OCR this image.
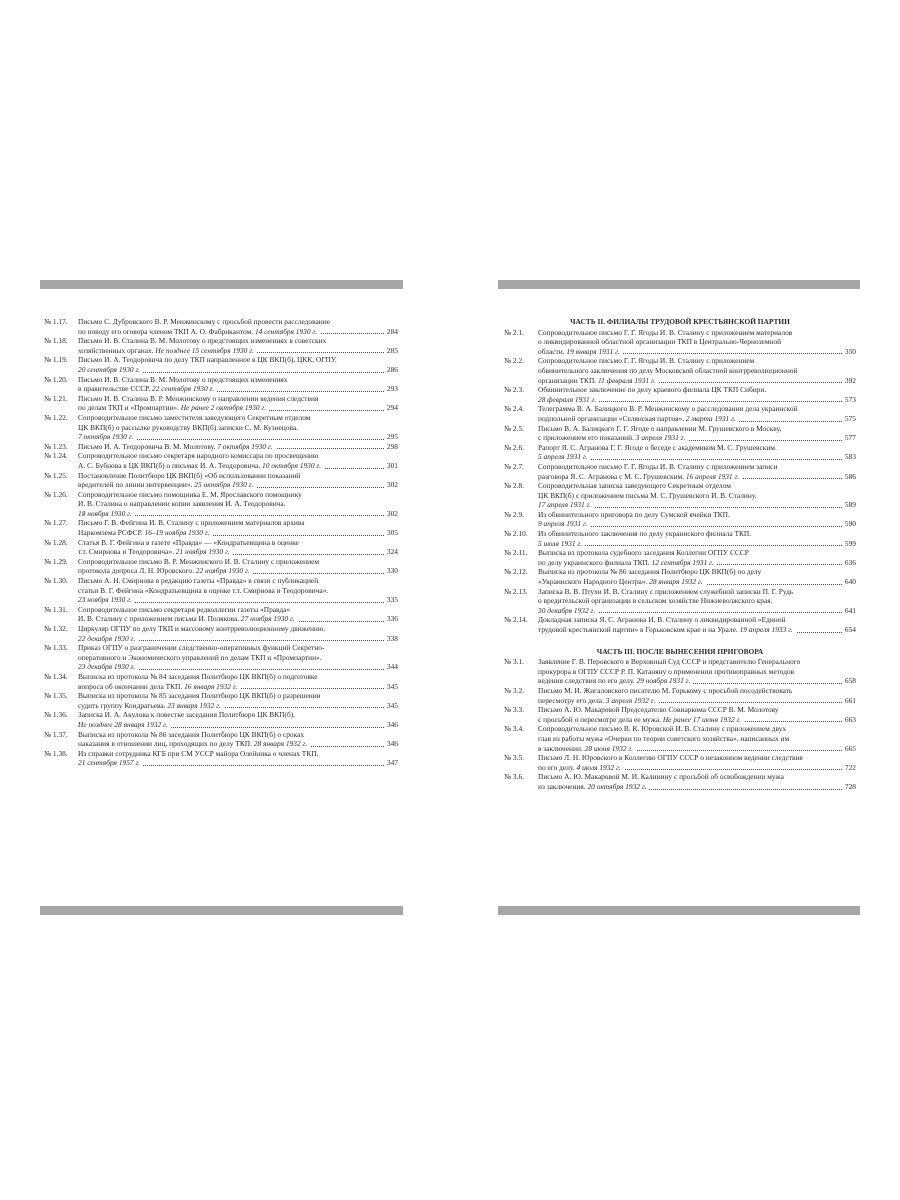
№ 1.17.	Письмо С. Дубровского В. Р. Менжинскому с просьбой провести расследование
по поводу его оговора членом ТКП А. О. Фабрикантом. 14 сентября 1930 г.	284
№ 1.18.	Письмо И. В. Сталина В. М. Молотову о предстоящих изменениях в советских
хозяйственных органах. Не позднее 15 сентября 1930 г.	285
№ 1.19.	Письмо И. А. Теодоровича по делу ТКП направленное в ЦК ВКП(б), ЦКК, ОГПУ.
20 сентября 1930 г.	286
№ 1.20.	Письмо И. В. Сталина В. М. Молотову о предстоящих изменениях
в правительстве СССР. 22 сентября 1930 г.	293
№ 1.21.	Письмо И. В. Сталина В. Р. Менжинскому о направлении ведения следствия
по делам ТКП и «Промпартии». Не ранее 2 октября 1930 г.	294
№ 1.22.	Сопроводительное письмо заместителя заведующего Секретным отделом
ЦК ВКП(б) о рассылке руководству ВКП(б) записки С. М. Кузнецова.
7 октября 1930 г.	295
№ 1.23.	Письмо И. А. Теодоровича В. М. Молотову. 7 октября 1930 г.	298
№ 1.24.	Сопроводительное письмо секретаря народного комиссара по просвещению
А. С. Бубнова в ЦК ВКП(б) о письмах И. А. Теодоровича. 10 октября 1930 г.	301
№ 1.25.	Постановление Политбюро ЦК ВКП(б) «Об использовании показаний
вредителей по линии интервенции». 25 октября 1930 г.	302
№ 1.26.	Сопроводительное письмо помощника Е. М. Ярославского помощнику
И. В. Сталина о направлении копии заявления И. А. Теодоровича.
18 ноября 1930 г.	302
№ 1.27.	Письмо Г. В. Фейгина И. В. Сталину с приложением материалов архива
Наркомзема РСФСР. 16–19 ноября 1930 г.	305
№ 1.28.	Статья В. Г. Фейгина в газете «Правда» — «Кондратьевщина в оценке
т.т. Смирнова и Теодоровича». 21 ноября 1930 г.	324
№ 1.29.	Сопроводительное письмо В. Р. Менжинского И. В. Сталину с приложением
протокола допроса Л. Н. Юровского. 22 ноября 1930 г.	330
№ 1.30.	Письмо А. Н. Смирнова в редакцию газеты «Правда» в связи с публикацией
статьи В. Г. Фейгина «Кондратьевщина в оценке т.т. Смирнова и Теодоровича».
23 ноября 1930 г.	335
№ 1.31.	Сопроводительное письмо секретаря редколлегии газеты «Правда»
И. В. Сталину с приложением письма И. Полякова. 27 ноября 1930 г.	336
№ 1.32.	Циркуляр ОГПУ по делу ТКП и массовому контрреволюционному движению.
22 декабря 1930 г.	338
№ 1.33.	Приказ ОГПУ о разграничении следственно-оперативных функций Секретно-
оперативного и Экономического управлений по делам ТКП и «Промпартии».
23 декабря 1930 г.	344
№ 1.34.	Выписка из протокола № 84 заседания Политбюро ЦК ВКП(б) о подготовке
вопроса об окончании дела ТКП. 16 января 1932 г.	345
№ 1.35.	Выписка из протокола № 85 заседания Политбюро ЦК ВКП(б) о разрешении
судить группу Кондратьева. 23 января 1932 г.	345
№ 1.36.	Записка И. А. Акулова к повестке заседания Политбюро ЦК ВКП(б).
Не позднее 28 января 1932 г.	346
№ 1.37.	Выписка из протокола № 86 заседания Политбюро ЦК ВКП(б) о сроках
наказания в отношении лиц, проходящих по делу ТКП. 28 января 1932 г.	346
№ 1.38.	Из справки сотрудника КГБ при СМ УССР майора Олейника о членах ТКП.
21 сентября 1957 г.	347
ЧАСТЬ II. ФИЛИАЛЫ ТРУДОВОЙ КРЕСТЬЯНСКОЙ ПАРТИИ
№ 2.1.	Сопроводительное письмо Г. Г. Ягоды И. В. Сталину с приложением материалов
о ликвидированной областной организации ТКП в Центрально-Черноземной
области. 19 января 1931 г.	350
№ 2.2.	Сопроводительное письмо Г. Г. Ягоды И. В. Сталину с приложением
обвинительного заключения по делу Московской областной контрреволюционной
организации ТКП. 11 февраля 1931 г.	392
№ 2.3.	Обвинительное заключение по делу краевого филиала ЦК ТКП Сибири.
28 февраля 1931 г.	573
№ 2.4.	Телеграмма В. А. Балицкого В. Р. Менжинскому о расследовании дела украинской
подпольной организации «Селянская партия». 2 марта 1931 г.	575
№ 2.5.	Письмо В. А. Балицкого Г. Г. Ягоде о направлении М. Грушевского в Москву,
с приложением его показаний. 3 апреля 1931 г.	577
№ 2.6.	Рапорт Я. С. Агранова Г. Г. Ягоде о беседе с академиком М. С. Грушевским.
5 апреля 1931 г.	583
№ 2.7.	Сопроводительное письмо Г. Г. Ягоды И. В. Сталину с приложением записи
разговора Я. С. Агранова с М. С. Грушевским. 16 апреля 1931 г.	586
№ 2.8.	Сопроводительная записка заведующего Секретным отделом
ЦК ВКП(б) с приложением письма М. С. Грушевского И. В. Сталину.
17 апреля 1931 г.	589
№ 2.9.	Из обвинительного приговора по делу Сумской ячейки ТКП.
9 апреля 1931 г.	590
№ 2.10.	Из обвинительного заключения по делу украинского филиала ТКП.
5 июля 1931 г.	599
№ 2.11.	Выписка из протокола судебного заседания Коллегии ОГПУ СССР
по делу украинского филиала ТКП. 12 сентября 1931 г.	636
№ 2.12.	Выписка из протокола № 86 заседания Политбюро ЦК ВКП(б) по делу
«Украинского Народного Центра». 28 января 1932 г.	640
№ 2.13.	Записка В. В. Птухи И. В. Сталину с приложением служебной записки П. Г. Рудь
о вредительской организации в сельском хозяйстве Нижневолжского края.
30 декабря 1932 г.	641
№ 2.14.	Докладная записка Я. С. Агранова И. В. Сталину о ликвидированной «Единой
трудовой крестьянской партии» в Горьковском крае и на Урале. 19 апреля 1933 г.	654
ЧАСТЬ III. ПОСЛЕ ВЫНЕСЕНИЯ ПРИГОВОРА
№ 3.1.	Заявление Г. В. Перовского в Верховный Суд СССР и представителю Генерального
прокурора в ОГПУ СССР Р. П. Катаняну о применении противоправных методов
ведения следствия по его делу. 29 ноября 1931 г.	658
№ 3.2.	Письмо М. И. Жигаловского писателю М. Горькому с просьбой посодействовать
пересмотру его дела. 3 апреля 1932 г.	661
№ 3.3.	Письмо А. Ю. Макаровой Председателю Совнаркома СССР В. М. Молотову
с просьбой о пересмотре дела ее мужа. Не ранее 17 июня 1932 г.	663
№ 3.4.	Сопроводительное письмо В. К. Юровской И. В. Сталину с приложением двух
глав из работы мужа «Очерки по теории советского хозяйства», написанных им
в заключении. 28 июня 1932 г.	665
№ 3.5.	Письмо Л. Н. Юровского в Коллегию ОГПУ СССР о незаконном ведении следствия
по его делу. 4 июля 1932 г.	722
№ 3.6.	Письмо А. Ю. Макаровой М. И. Калинину с просьбой об освобождении мужа
из заключения. 20 октября 1932 г.	728
